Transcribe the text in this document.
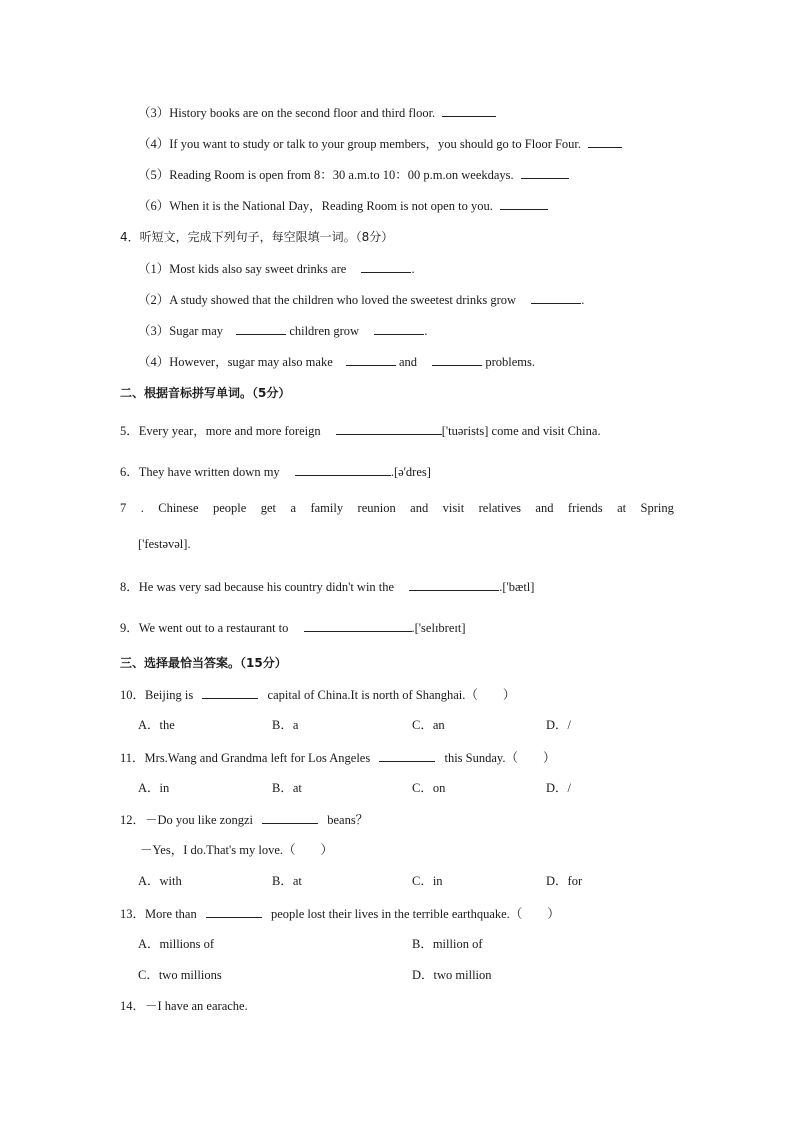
（3）History books are on the second floor and third floor.
（4）If you want to study or talk to your group members，you should go to Floor Four.
（5）Reading Room is open from 8：30 a.m.to 10：00 p.m.on weekdays.
（6）When it is the National Day，Reading Room is not open to you.
4．听短文，完成下列句子，每空限填一词。（8分）
（1）Most kids also say sweet drinks are	.
（2）A study showed that the children who loved the sweetest drinks grow	.
（3）Sugar may	children grow	.
（4）However，sugar may also make	and	problems.
二、根据音标拼写单词。（5分）
5．Every year，more and more foreign	['tuərists] come and visit China.
6．They have written down my	.[ə'dres]
7 . Chinese people get a family reunion and visit relatives and friends at Spring
['festəvəl].
8．He was very sad because his country didn't win the	.['bætl]
9．We went out to a restaurant to	.['selɪbreɪt]
三、选择最恰当答案。（15分）
10．Beijing is	capital of China.It is north of Shanghai.（　　）
A．the	B．a	C．an	D．/
11．Mrs.Wang and Grandma left for Los Angeles	this Sunday.（　　）
A．in	B．at	C．on	D．/
12．－Do you like zongzi	beans？
－Yes，I do.That's my love.（　　）
A．with	B．at	C．in	D．for
13．More than	people lost their lives in the terrible earthquake.（　　）
A．millions of	B．million of
C．two millions	D．two million
14．－I have an earache.
